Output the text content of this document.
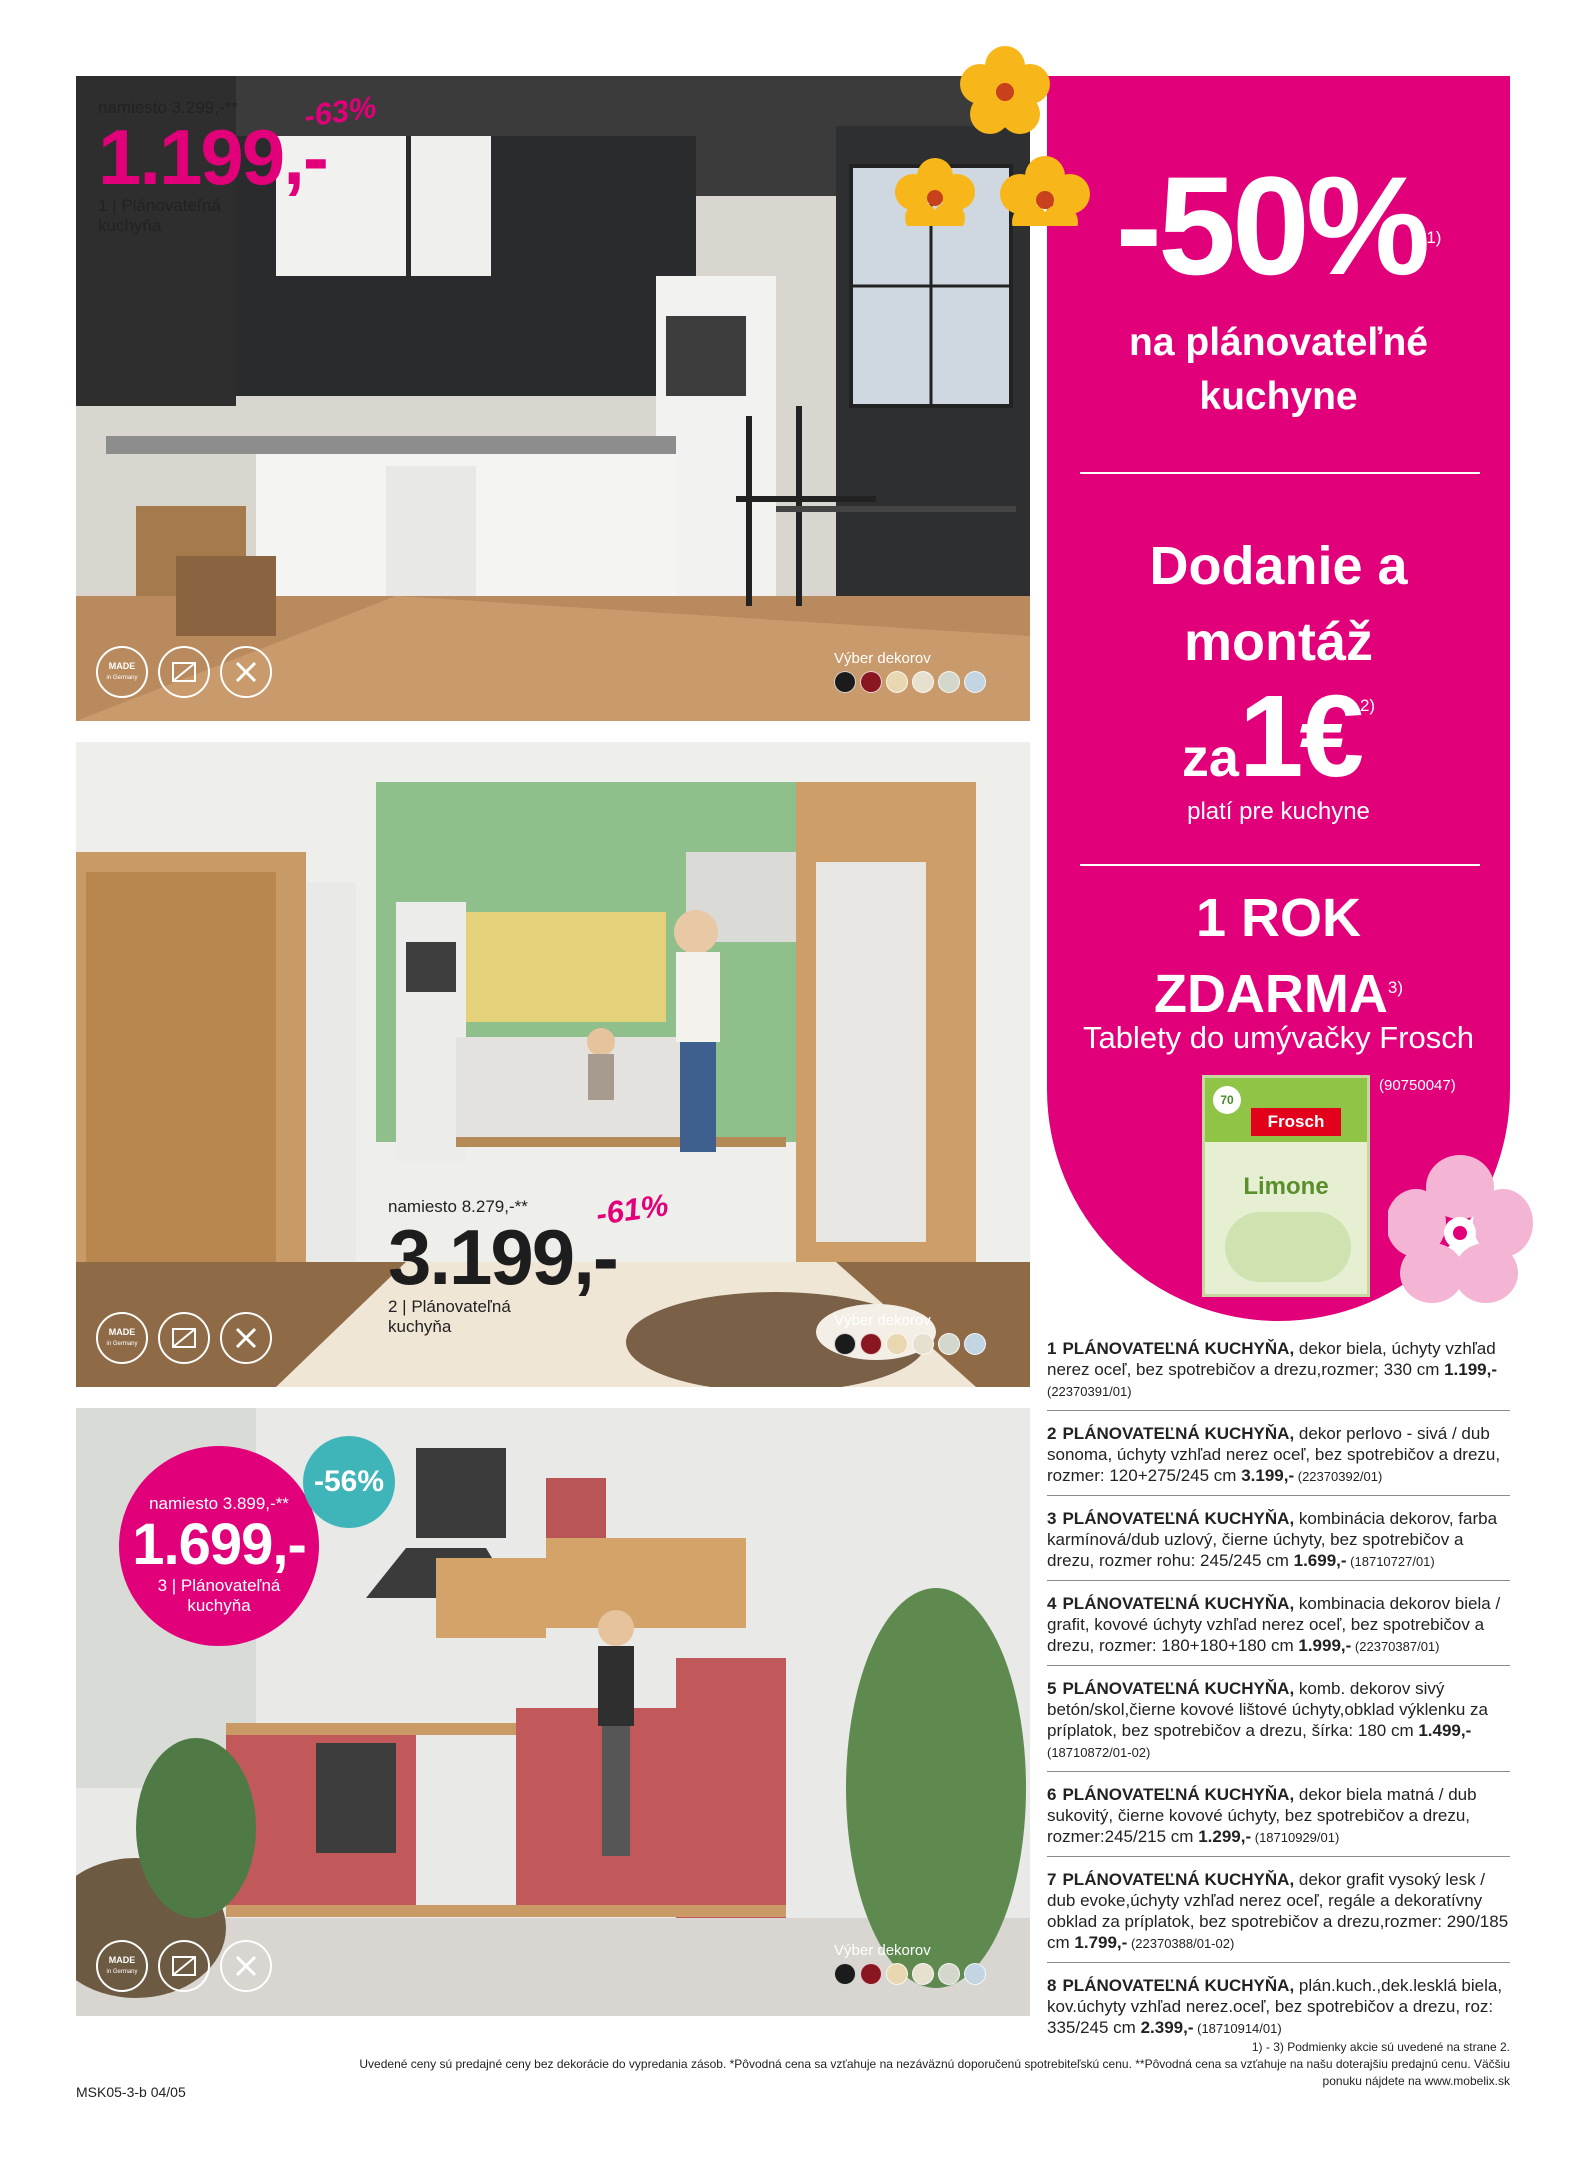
namiesto 3.299,-**
1.199,-
1 | Plánovateľná
kuchyňa
-63%
MADE
in Germany
Výber dekorov
namiesto 8.279,-**
3.199,-
2 | Plánovateľná
kuchyňa
-61%
MADE
in Germany
Výber dekorov
namiesto 3.899,-**
1.699,-
3 | Plánovateľná
kuchyňa
-56%
MADE
in Germany
Výber dekorov
-50%$^{1)}$
na plánovateľné
kuchyne
Dodanie a
montáž
za1€2)
platí pre kuchyne
1 ROK
ZDARMA$^{3)}$
Tablety do umývačky Frosch
(90750047)
70
Frosch
Limone
1 PLÁNOVATEĽNÁ KUCHYŇA, dekor biela, úchyty vzhľad nerez oceľ, bez spotrebičov a drezu,rozmer; 330 cm 1.199,-
(22370391/01)
2 PLÁNOVATEĽNÁ KUCHYŇA, dekor perlovo - sivá / dub sonoma, úchyty vzhľad nerez oceľ, bez spotrebičov a drezu, rozmer: 120+275/245 cm 3.199,- (22370392/01)
3 PLÁNOVATEĽNÁ KUCHYŇA, kombinácia dekorov, farba karmínová/dub uzlový, čierne úchyty, bez spotrebičov a drezu, rozmer rohu: 245/245 cm 1.699,- (18710727/01)
4 PLÁNOVATEĽNÁ KUCHYŇA, kombinacia dekorov biela / grafit, kovové úchyty vzhľad nerez oceľ, bez spotrebičov a drezu, rozmer: 180+180+180 cm 1.999,- (22370387/01)
5 PLÁNOVATEĽNÁ KUCHYŇA, komb. dekorov sivý betón/skol,čierne kovové lištové úchyty,obklad výklenku za príplatok, bez spotrebičov a drezu, šírka: 180 cm 1.499,-
(18710872/01-02)
6 PLÁNOVATEĽNÁ KUCHYŇA, dekor biela matná / dub sukovitý, čierne kovové úchyty, bez spotrebičov a drezu, rozmer:245/215 cm 1.299,- (18710929/01)
7 PLÁNOVATEĽNÁ KUCHYŇA, dekor grafit vysoký lesk / dub evoke,úchyty vzhľad nerez oceľ, regále a dekoratívny obklad za príplatok, bez spotrebičov a drezu,rozmer: 290/185 cm 1.799,- (22370388/01-02)
8 PLÁNOVATEĽNÁ KUCHYŇA, plán.kuch.,dek.lesklá biela, kov.úchyty vzhľad nerez.oceľ, bez spotrebičov a drezu, roz: 335/245 cm 2.399,- (18710914/01)
1) - 3) Podmienky akcie sú uvedené na strane 2.
Uvedené ceny sú predajné ceny bez dekorácie do vypredania zásob. *Pôvodná cena sa vzťahuje na nezáväznú doporučenú spotrebiteľskú cenu. **Pôvodná cena sa vzťahuje na našu doterajšiu predajnú cenu. Väčšiu
ponuku nájdete na www.mobelix.sk
MSK05-3-b 04/05
